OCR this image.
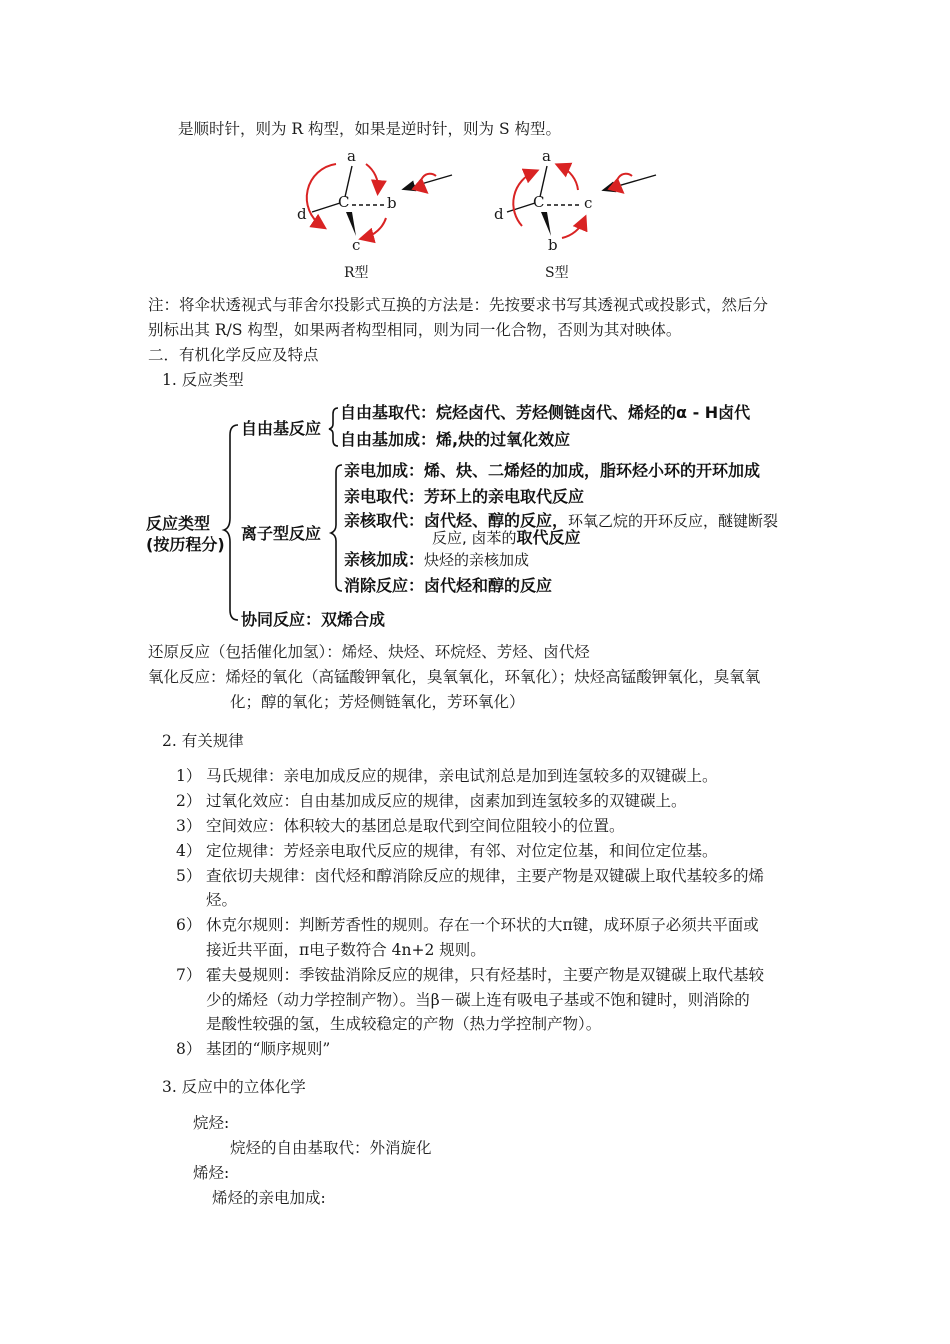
是顺时针，则为 R 构型，如果是逆时针，则为 S 构型。
a
C	b
d
c
R型
a
C	c
d
b
S型
注：将伞状透视式与菲舍尔投影式互换的方法是：先按要求书写其透视式或投影式，然后分
别标出其 R/S 构型，如果两者构型相同，则为同一化合物，否则为其对映体。
二．有机化学反应及特点
1. 反应类型
反应类型
(按历程分)
自由基反应
自由基取代：烷烃卤代、芳烃侧链卤代、烯烃的α - H卤代
自由基加成：烯,炔的过氧化效应
离子型反应
亲电加成：烯、炔、二烯烃的加成，脂环烃小环的开环加成
亲电取代：芳环上的亲电取代反应
亲核取代：卤代烃、醇的反应，环氧乙烷的开环反应，醚键断裂
反应, 卤苯的取代反应
亲核加成：炔烃的亲核加成
消除反应：卤代烃和醇的反应
协同反应：双烯合成
还原反应（包括催化加氢）：烯烃、炔烃、环烷烃、芳烃、卤代烃
氧化反应：烯烃的氧化（高锰酸钾氧化，臭氧氧化，环氧化）；炔烃高锰酸钾氧化，臭氧氧
化；醇的氧化；芳烃侧链氧化，芳环氧化）
2. 有关规律
1） 马氏规律：亲电加成反应的规律，亲电试剂总是加到连氢较多的双键碳上。
2） 过氧化效应：自由基加成反应的规律，卤素加到连氢较多的双键碳上。
3） 空间效应：体积较大的基团总是取代到空间位阻较小的位置。
4） 定位规律：芳烃亲电取代反应的规律，有邻、对位定位基，和间位定位基。
5） 查依切夫规律：卤代烃和醇消除反应的规律，主要产物是双键碳上取代基较多的烯
烃。
6） 休克尔规则：判断芳香性的规则。存在一个环状的大π键，成环原子必须共平面或
接近共平面，π电子数符合 4n+2 规则。
7） 霍夫曼规则：季铵盐消除反应的规律，只有烃基时，主要产物是双键碳上取代基较
少的烯烃（动力学控制产物）。当β－碳上连有吸电子基或不饱和键时，则消除的
是酸性较强的氢，生成较稳定的产物（热力学控制产物）。
8） 基团的“顺序规则”
3. 反应中的立体化学
烷烃:
烷烃的自由基取代：外消旋化
烯烃:
烯烃的亲电加成:
